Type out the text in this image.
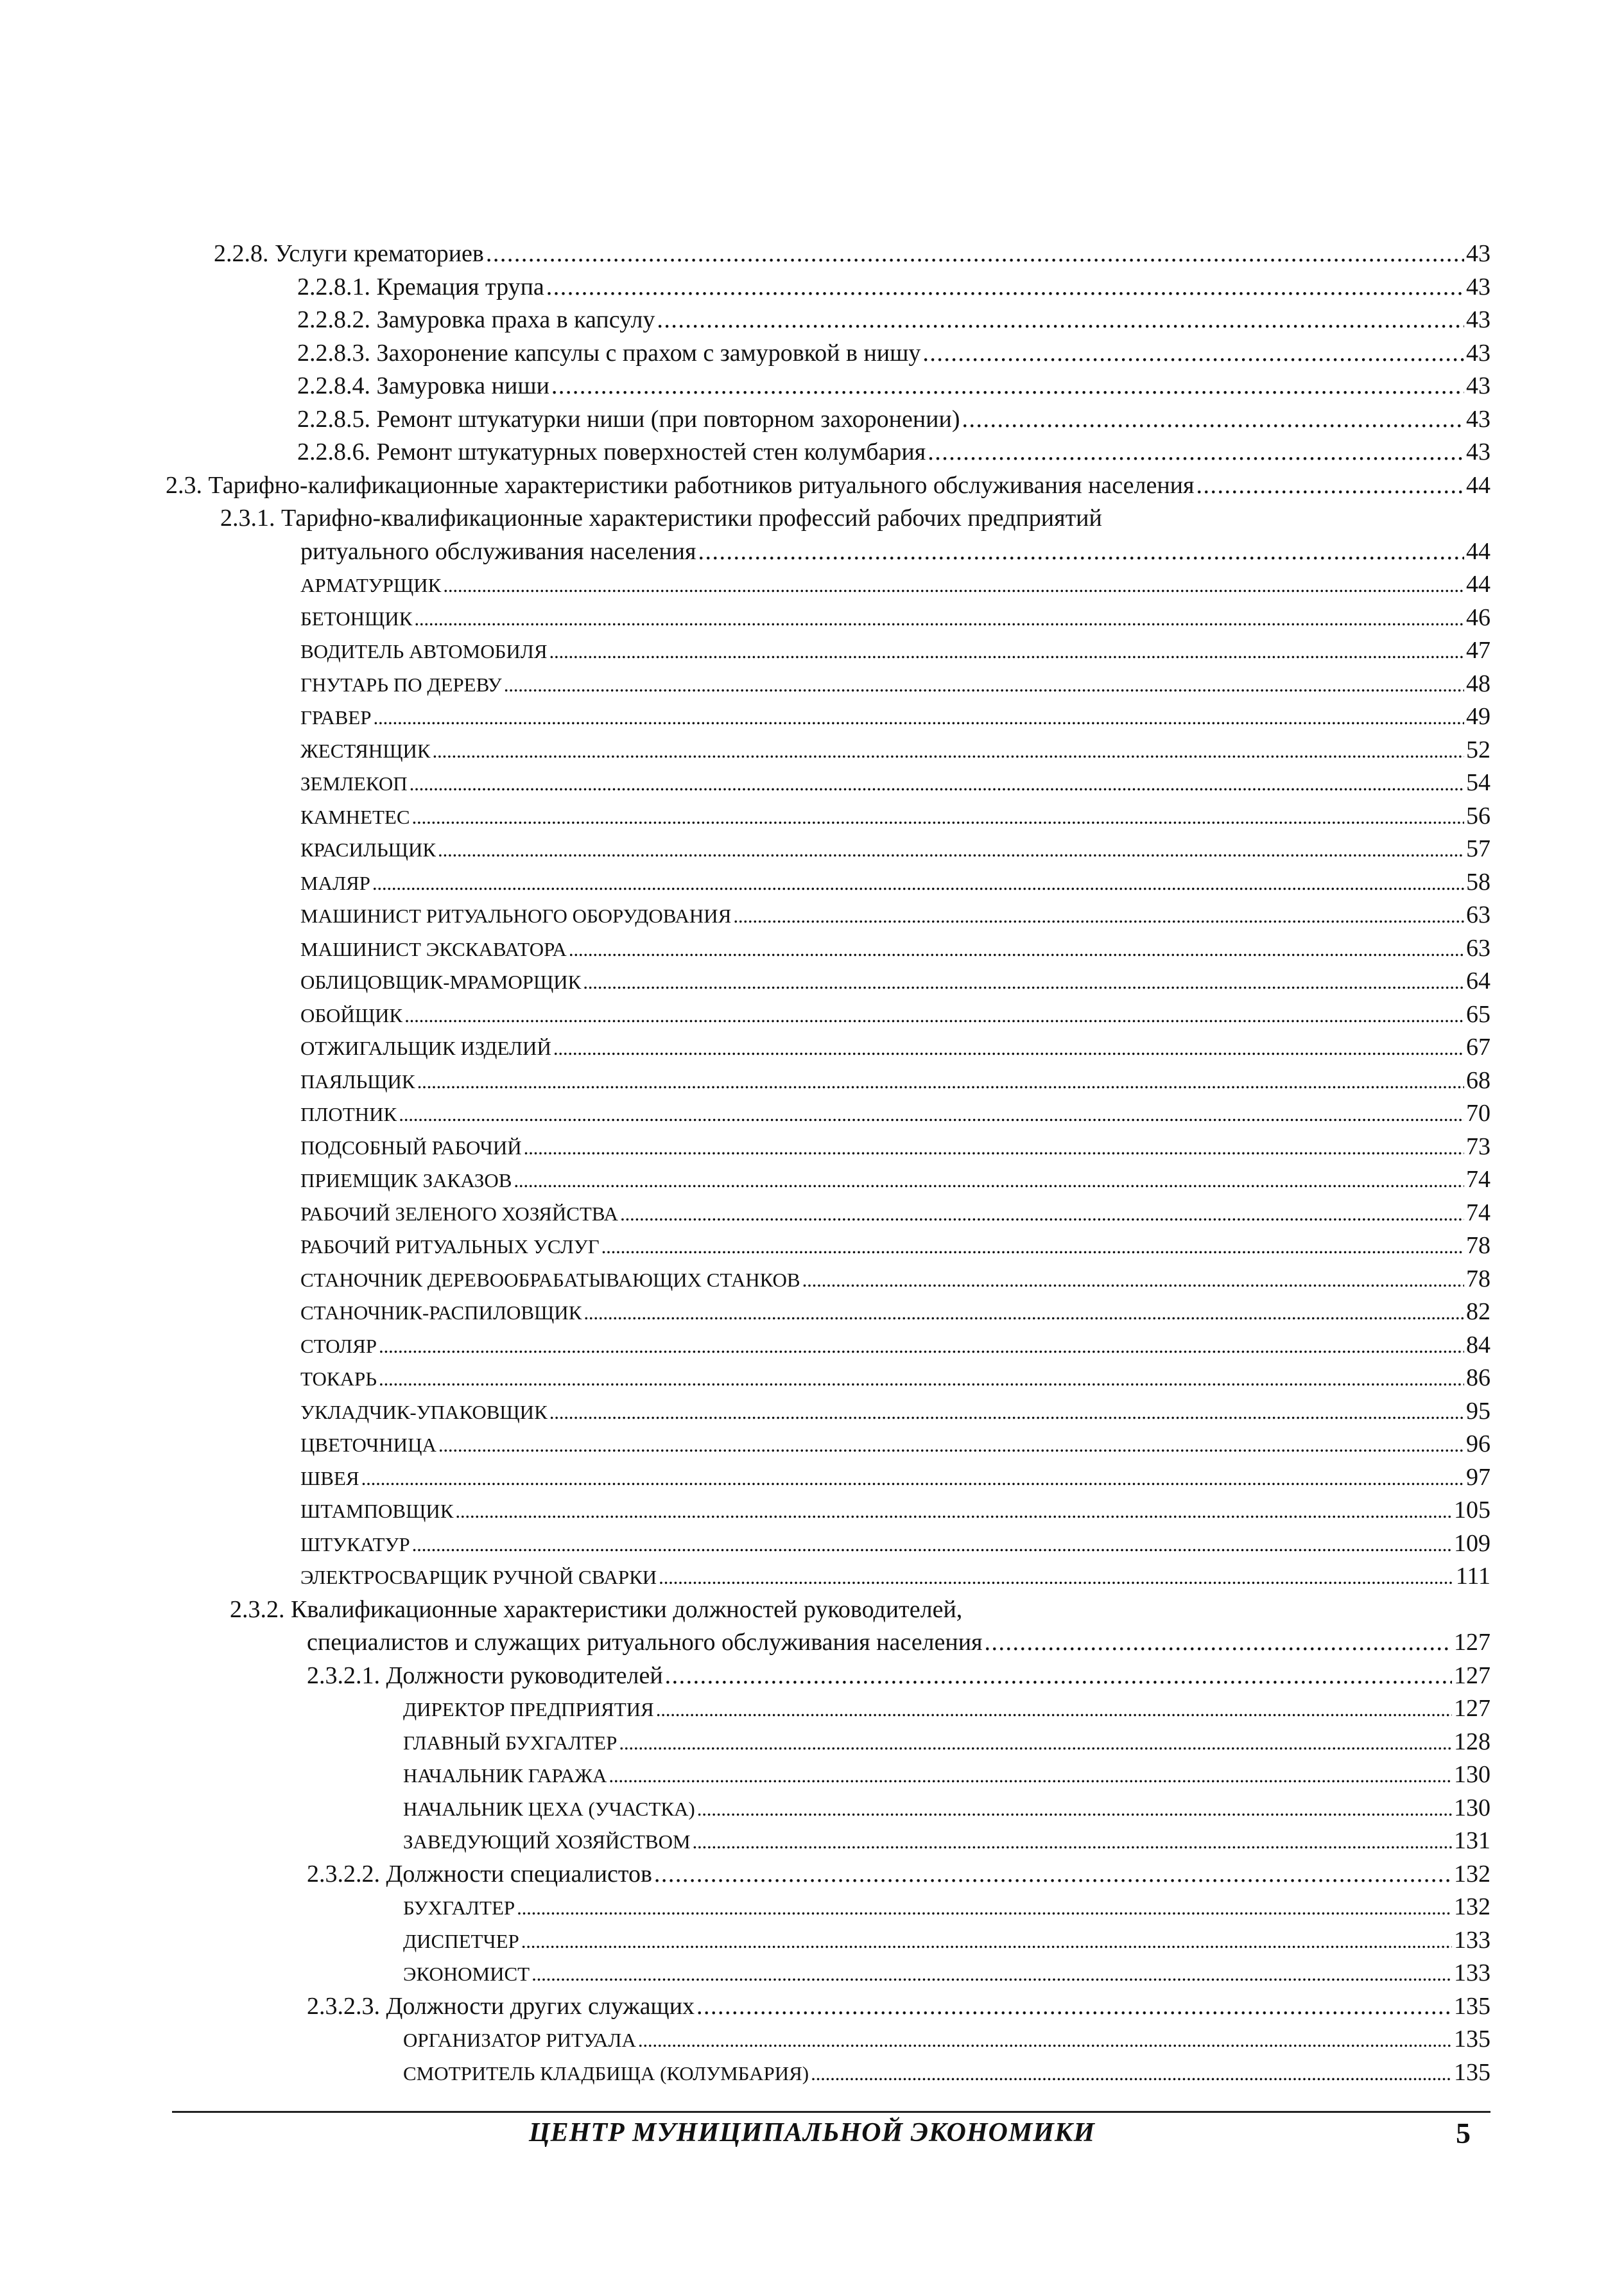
2.2.8. Услуги крематориев . . .	43
2.2.8.1. Кремация трупа . . .	43
2.2.8.2. Замуровка праха в капсулу . . .	43
2.2.8.3. Захоронение капсулы с прахом с замуровкой в нишу . . .	43
2.2.8.4. Замуровка ниши . . .	43
2.2.8.5. Ремонт штукатурки ниши (при повторном захоронении) . . .	43
2.2.8.6. Ремонт штукатурных поверхностей стен колумбария . . .	43
2.3. Тарифно-калификационные характеристики работников ритуального обслуживания населения . . .	44
2.3.1. Тарифно-квалификационные характеристики профессий рабочих предприятий
ритуального обслуживания населения . . .	44
АРМАТУРЩИК . . .	44
БЕТОНЩИК . . .	46
ВОДИТЕЛЬ АВТОМОБИЛЯ . . .	47
ГНУТАРЬ ПО ДЕРЕВУ . . .	48
ГРАВЕР . . .	49
ЖЕСТЯНЩИК . . .	52
ЗЕМЛЕКОП . . .	54
КАМНЕТЕС . . .	56
КРАСИЛЬЩИК . . .	57
МАЛЯР . . .	58
МАШИНИСТ РИТУАЛЬНОГО ОБОРУДОВАНИЯ . . .	63
МАШИНИСТ ЭКСКАВАТОРА . . .	63
ОБЛИЦОВЩИК-МРАМОРЩИК . . .	64
ОБОЙЩИК . . .	65
ОТЖИГАЛЬЩИК ИЗДЕЛИЙ . . .	67
ПАЯЛЬЩИК . . .	68
ПЛОТНИК . . .	70
ПОДСОБНЫЙ РАБОЧИЙ . . .	73
ПРИЕМЩИК ЗАКАЗОВ . . .	74
РАБОЧИЙ ЗЕЛЕНОГО ХОЗЯЙСТВА . . .	74
РАБОЧИЙ РИТУАЛЬНЫХ УСЛУГ . . .	78
СТАНОЧНИК ДЕРЕВООБРАБАТЫВАЮЩИХ СТАНКОВ . . .	78
СТАНОЧНИК-РАСПИЛОВЩИК . . .	82
СТОЛЯР . . .	84
ТОКАРЬ . . .	86
УКЛАДЧИК-УПАКОВЩИК . . .	95
ЦВЕТОЧНИЦА . . .	96
ШВЕЯ . . .	97
ШТАМПОВЩИК . . .	105
ШТУКАТУР . . .	109
ЭЛЕКТРОСВАРЩИК РУЧНОЙ СВАРКИ . . .	111
2.3.2. Квалификационные характеристики должностей руководителей,
специалистов и служащих ритуального обслуживания населения . . .	127
2.3.2.1. Должности руководителей . . .	127
ДИРЕКТОР ПРЕДПРИЯТИЯ . . .	127
ГЛАВНЫЙ БУХГАЛТЕР . . .	128
НАЧАЛЬНИК ГАРАЖА . . .	130
НАЧАЛЬНИК ЦЕХА (УЧАСТКА) . . .	130
ЗАВЕДУЮЩИЙ ХОЗЯЙСТВОМ . . .	131
2.3.2.2. Должности специалистов . . .	132
БУХГАЛТЕР . . .	132
ДИСПЕТЧЕР . . .	133
ЭКОНОМИСТ . . .	133
2.3.2.3. Должности других служащих . . .	135
ОРГАНИЗАТОР РИТУАЛА . . .	135
СМОТРИТЕЛЬ КЛАДБИЩА (КОЛУМБАРИЯ) . . .	135
ЦЕНТР МУНИЦИПАЛЬНОЙ ЭКОНОМИКИ	5
